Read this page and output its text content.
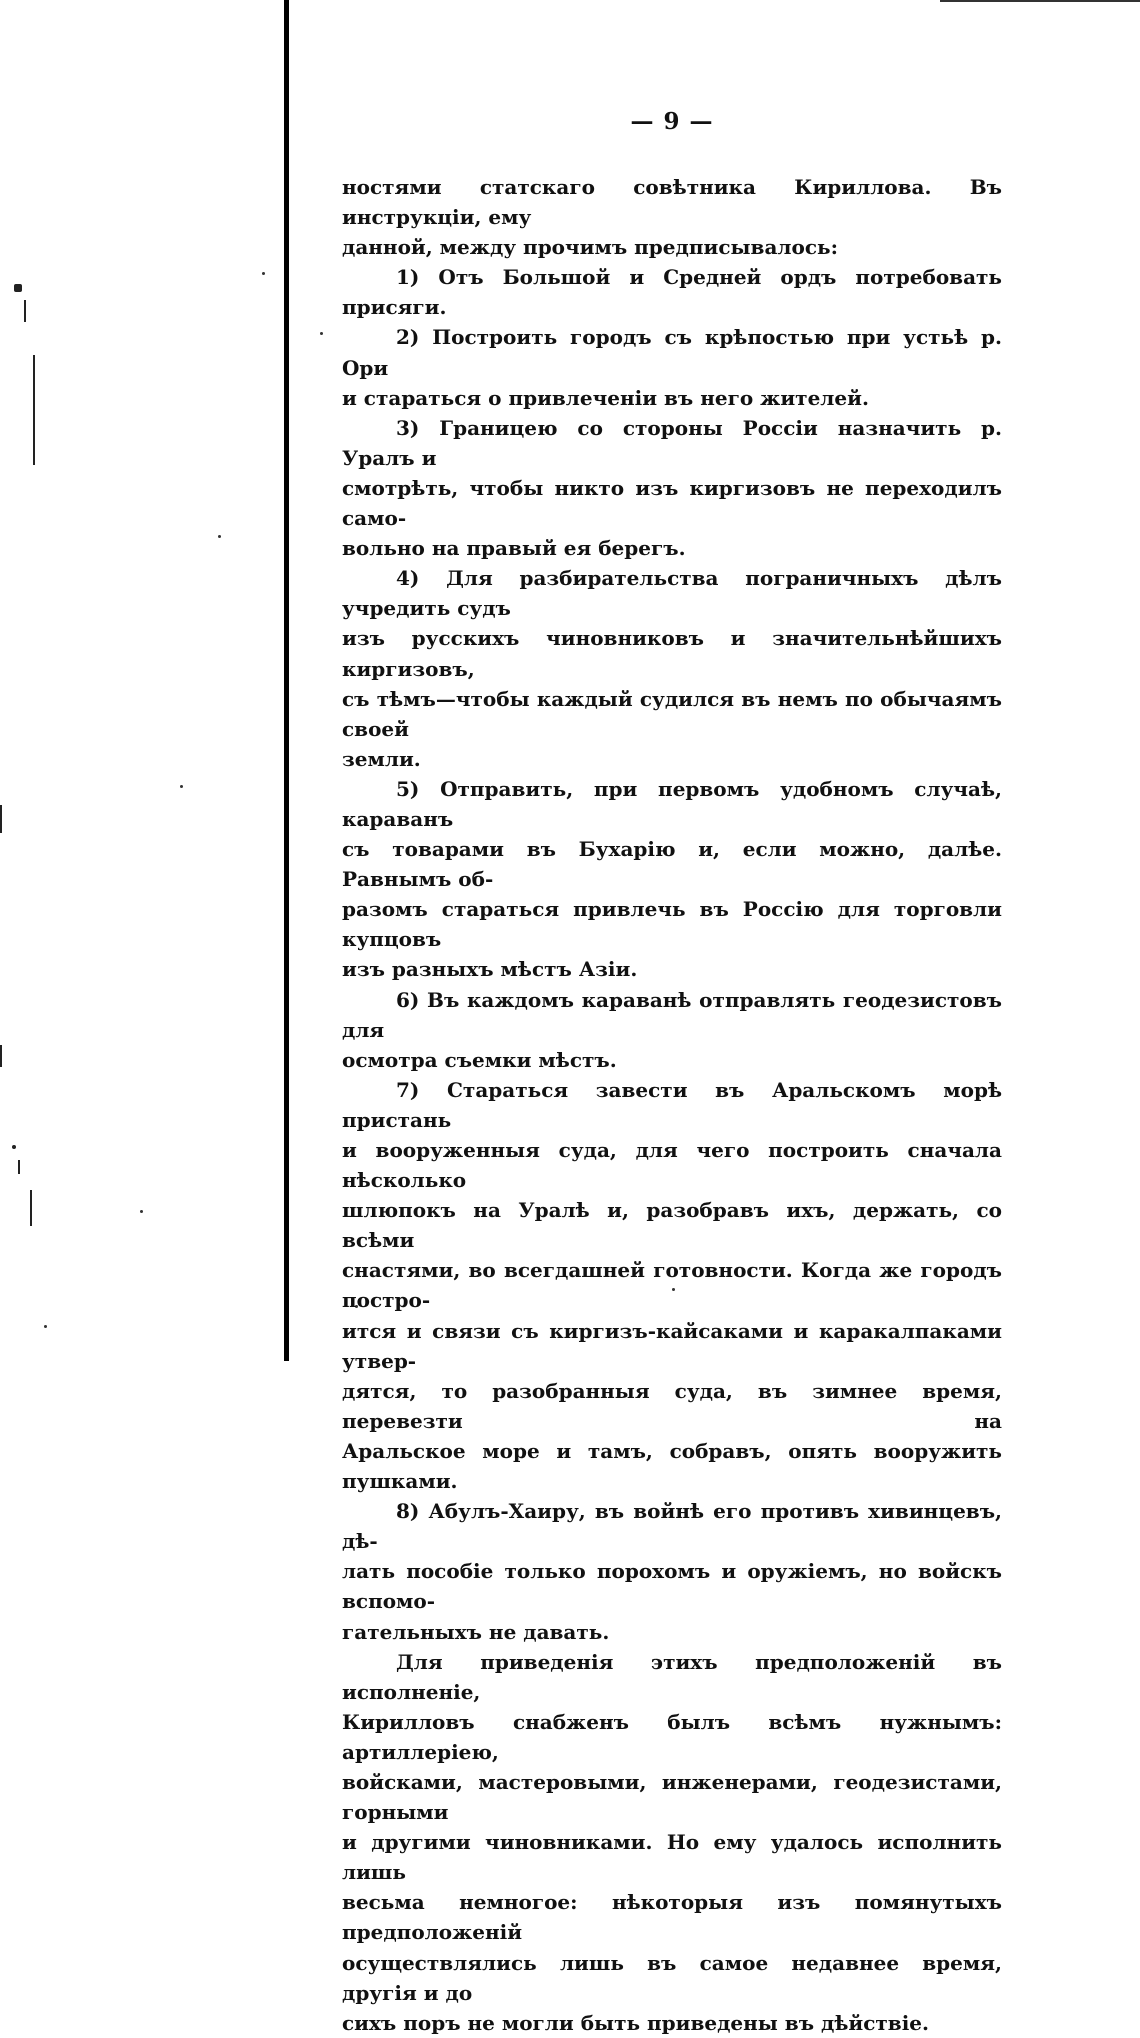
— 9 —
ностями статскаго совѣтника Кириллова. Въ инструкціи, ему
данной, между прочимъ предписывалось:
1) Отъ Большой и Средней ордъ потребовать присяги.
2) Построить городъ съ крѣпостью при устьѣ р. Ори
и стараться о привлеченіи въ него жителей.
3) Границею со стороны Россіи назначить р. Уралъ и
смотрѣть, чтобы никто изъ киргизовъ не переходилъ само-
вольно на правый ея берегъ.
4) Для разбирательства пограничныхъ дѣлъ учредить судъ
изъ русскихъ чиновниковъ и значительнѣйшихъ киргизовъ,
съ тѣмъ—чтобы каждый судился въ немъ по обычаямъ своей
земли.
5) Отправить, при первомъ удобномъ случаѣ, караванъ
съ товарами въ Бухарію и, если можно, далѣе. Равнымъ об-
разомъ стараться привлечь въ Россію для торговли купцовъ
изъ разныхъ мѣстъ Азіи.
6) Въ каждомъ караванѣ отправлять геодезистовъ для
осмотра съемки мѣстъ.
7) Стараться завести въ Аральскомъ морѣ пристань
и вооруженныя суда, для чего построить сначала нѣсколько
шлюпокъ на Уралѣ и, разобравъ ихъ, держать, со всѣми
снастями, во всегдашней готовности. Когда же городъ постро-
ится и связи съ киргизъ-кайсаками и каракалпаками утвер-
дятся, то разобранныя суда, въ зимнее время, перевезти на
Аральское море и тамъ, собравъ, опять вооружить пушками.
8) Абулъ-Хаиру, въ войнѣ его противъ хивинцевъ, дѣ-
лать пособіе только порохомъ и оружіемъ, но войскъ вспомо-
гательныхъ не давать.
Для приведенія этихъ предположеній въ исполненіе,
Кирилловъ снабженъ былъ всѣмъ нужнымъ: артиллеріею,
войсками, мастеровыми, инженерами, геодезистами, горными
и другими чиновниками. Но ему удалось исполнить лишь
весьма немногое: нѣкоторыя изъ помянутыхъ предположеній
осуществлялись лишь въ самое недавнее время, другія и до
сихъ поръ не могли быть приведены въ дѣйствіе.
